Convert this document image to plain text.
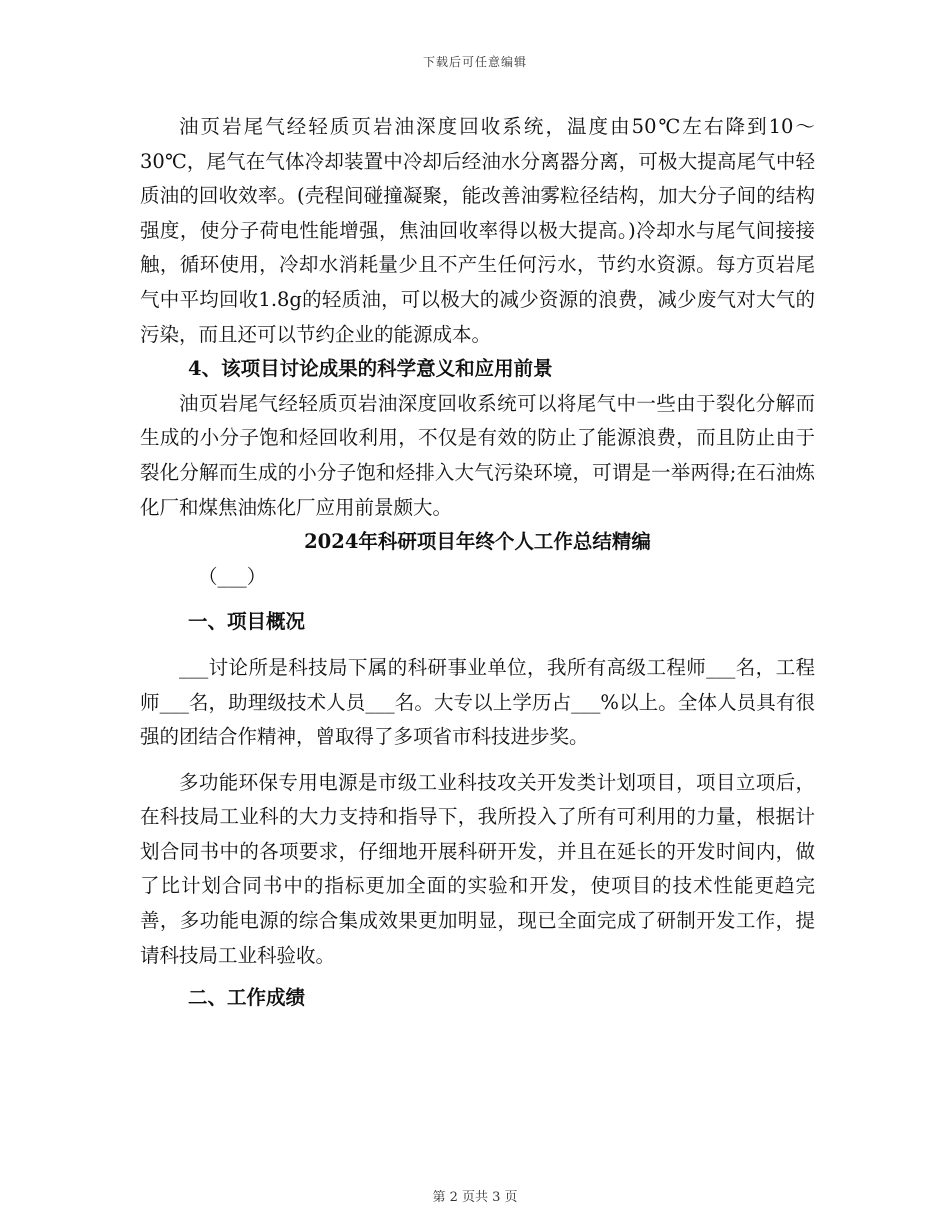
下载后可任意编辑

油页岩尾气经轻质页岩油深度回收系统，温度由50℃左右降到10～30℃，尾气在气体冷却装置中冷却后经油水分离器分离，可极大提高尾气中轻质油的回收效率。(壳程间碰撞凝聚，能改善油雾粒径结构，加大分子间的结构强度，使分子荷电性能增强，焦油回收率得以极大提高。)冷却水与尾气间接接触，循环使用，冷却水消耗量少且不产生任何污水，节约水资源。每方页岩尾气中平均回收1.8g的轻质油，可以极大的减少资源的浪费，减少废气对大气的污染，而且还可以节约企业的能源成本。

4、该项目讨论成果的科学意义和应用前景

油页岩尾气经轻质页岩油深度回收系统可以将尾气中一些由于裂化分解而生成的小分子饱和烃回收利用，不仅是有效的防止了能源浪费，而且防止由于裂化分解而生成的小分子饱和烃排入大气污染环境，可谓是一举两得;在石油炼化厂和煤焦油炼化厂应用前景颇大。

2024年科研项目年终个人工作总结精编

（___）

一、项目概况

___讨论所是科技局下属的科研事业单位，我所有高级工程师___名，工程师___名，助理级技术人员___名。大专以上学历占___%以上。全体人员具有很强的团结合作精神，曾取得了多项省市科技进步奖。

多功能环保专用电源是市级工业科技攻关开发类计划项目，项目立项后，在科技局工业科的大力支持和指导下，我所投入了所有可利用的力量，根据计划合同书中的各项要求，仔细地开展科研开发，并且在延长的开发时间内，做了比计划合同书中的指标更加全面的实验和开发，使项目的技术性能更趋完善，多功能电源的综合集成效果更加明显，现已全面完成了研制开发工作，提请科技局工业科验收。

二、工作成绩

第 2 页共 3 页
